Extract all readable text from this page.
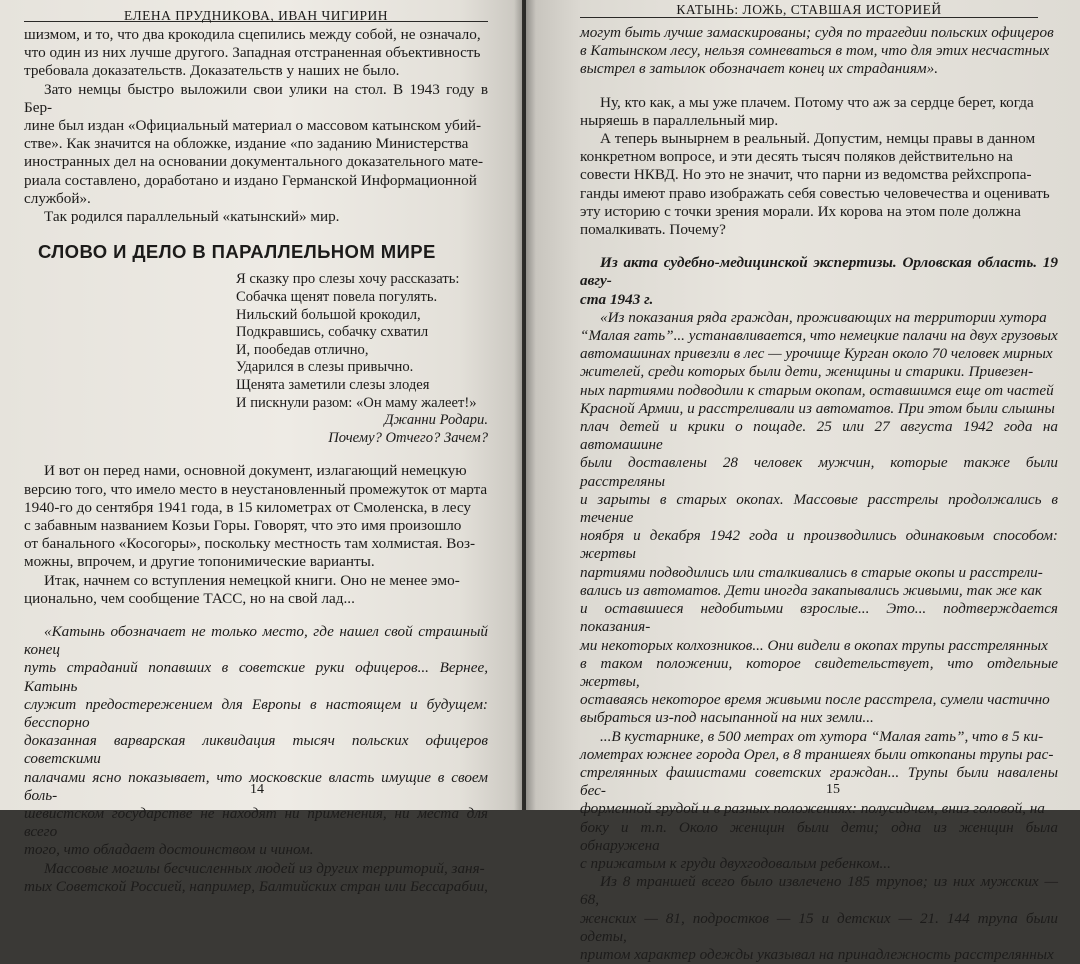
ЕЛЕНА ПРУДНИКОВА, ИВАН ЧИГИРИН

шизмом, и то, что два крокодила сцепились между собой, не означало,
что один из них лучше другого. Западная отстраненная объективность
требовала доказательств. Доказательств у наших не было.

Зато немцы быстро выложили свои улики на стол. В 1943 году в Бер-
лине был издан «Официальный материал о массовом катынском убий-
стве». Как значится на обложке, издание «по заданию Министерства
иностранных дел на основании документального доказательного мате-
риала составлено, доработано и издано Германской Информационной
службой».

Так родился параллельный «катынский» мир.

СЛОВО И ДЕЛО В ПАРАЛЛЕЛЬНОМ МИРЕ
Я сказку про слезы хочу рассказать:
Собачка щенят повела погулять.
Нильский большой крокодил,
Подкравшись, собачку схватил
И, пообедав отлично,
Ударился в слезы привычно.
Щенята заметили слезы злодея
И пискнули разом: «Он маму жалеет!»
Джанни Родари.
Почему? Отчего? Зачем?

И вот он перед нами, основной документ, излагающий немецкую
версию того, что имело место в неустановленный промежуток от марта
1940-го до сентября 1941 года, в 15 километрах от Смоленска, в лесу
с забавным названием Козьи Горы. Говорят, что это имя произошло
от банального «Косогоры», поскольку местность там холмистая. Воз-
можны, впрочем, и другие топонимические варианты.

Итак, начнем со вступления немецкой книги. Оно не менее эмо-
ционально, чем сообщение ТАСС, но на свой лад...

«Катынь обозначает не только место, где нашел свой страшный конец
путь страданий попавших в советские руки офицеров... Вернее, Катынь
служит предостережением для Европы в настоящем и будущем: бесспорно
доказанная варварская ликвидация тысяч польских офицеров советскими
палачами ясно показывает, что московские власть имущие в своем боль-
шевистском государстве не находят ни применения, ни места для всего
того, что обладает достоинством и чином.

Массовые могилы бесчисленных людей из других территорий, заня-
тых Советской Россией, например, Балтийских стран или Бессарабии,

14
КАТЫНЬ: ЛОЖЬ, СТАВШАЯ ИСТОРИЕЙ

могут быть лучше замаскированы; судя по трагедии польских офицеров
в Катынском лесу, нельзя сомневаться в том, что для этих несчастных
выстрел в затылок обозначает конец их страданиям».

Ну, кто как, а мы уже плачем. Потому что аж за сердце берет, когда
ныряешь в параллельный мир.

А теперь вынырнем в реальный. Допустим, немцы правы в данном
конкретном вопросе, и эти десять тысяч поляков действительно на
совести НКВД. Но это не значит, что парни из ведомства рейхспропа-
ганды имеют право изображать себя совестью человечества и оценивать
эту историю с точки зрения морали. Их корова на этом поле должна
помалкивать. Почему?

Из акта судебно-медицинской экспертизы. Орловская область. 19 авгу-
ста 1943 г.

«Из показания ряда граждан, проживающих на территории хутора
“Малая гать”... устанавливается, что немецкие палачи на двух грузовых
автомашинах привезли в лес — урочище Курган около 70 человек мирных
жителей, среди которых были дети, женщины и старики. Привезен-
ных партиями подводили к старым окопам, оставшимся еще от частей
Красной Армии, и расстреливали из автоматов. При этом были слышны
плач детей и крики о пощаде. 25 или 27 августа 1942 года на автомашине
были доставлены 28 человек мужчин, которые также были расстреляны
и зарыты в старых окопах. Массовые расстрелы продолжались в течение
ноября и декабря 1942 года и производились одинаковым способом: жертвы
партиями подводились или сталкивались в старые окопы и расстрели-
вались из автоматов. Дети иногда закапывались живыми, так же как
и оставшиеся недобитыми взрослые... Это... подтверждается показания-
ми некоторых колхозников... Они видели в окопах трупы расстрелянных
в таком положении, которое свидетельствует, что отдельные жертвы,
оставаясь некоторое время живыми после расстрела, сумели частично
выбраться из-под насыпанной на них земли...

...В кустарнике, в 500 метрах от хутора “Малая гать”, что в 5 ки-
лометрах южнее города Орел, в 8 траншеях были откопаны трупы рас-
стрелянных фашистами советских граждан... Трупы были навалены бес-
форменной грудой и в разных положениях: полусидчем, вниз головой, на
боку и т.п. Около женщин были дети; одна из женщин была обнаружена
с прижатым к груди двухгодовалым ребенком...

Из 8 траншей всего было извлечено 185 трупов; из них мужских — 68,
женских — 81, подростков — 15 и детских — 21. 144 трупа были одеты,
притом характер одежды указывал на принадлежность расстрелянных

15
